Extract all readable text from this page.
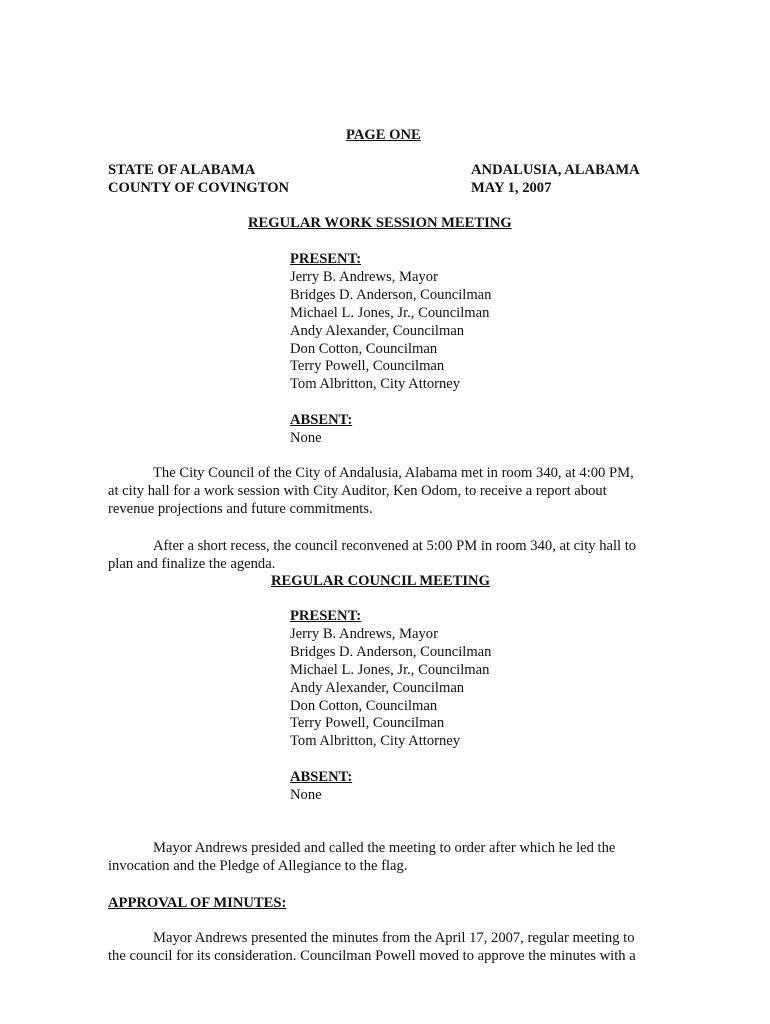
PAGE ONE
STATE OF ALABAMA
COUNTY OF COVINGTON
ANDALUSIA, ALABAMA
MAY 1, 2007
REGULAR WORK SESSION MEETING
PRESENT:
Jerry B. Andrews, Mayor
Bridges D. Anderson, Councilman
Michael L. Jones, Jr., Councilman
Andy Alexander, Councilman
Don Cotton, Councilman
Terry Powell, Councilman
Tom Albritton, City Attorney
ABSENT:
None
The City Council of the City of Andalusia, Alabama met in room 340, at 4:00 PM,
at city hall for a work session with City Auditor, Ken Odom, to receive a report about
revenue projections and future commitments.
After a short recess, the council reconvened at 5:00 PM in room 340, at city hall to
plan and finalize the agenda.
REGULAR COUNCIL MEETING
PRESENT:
Jerry B. Andrews, Mayor
Bridges D. Anderson, Councilman
Michael L. Jones, Jr., Councilman
Andy Alexander, Councilman
Don Cotton, Councilman
Terry Powell, Councilman
Tom Albritton, City Attorney
ABSENT:
None
Mayor Andrews presided and called the meeting to order after which he led the
invocation and the Pledge of Allegiance to the flag.
APPROVAL OF MINUTES:
Mayor Andrews presented the minutes from the April 17, 2007, regular meeting to
the council for its consideration. Councilman Powell moved to approve the minutes with a
